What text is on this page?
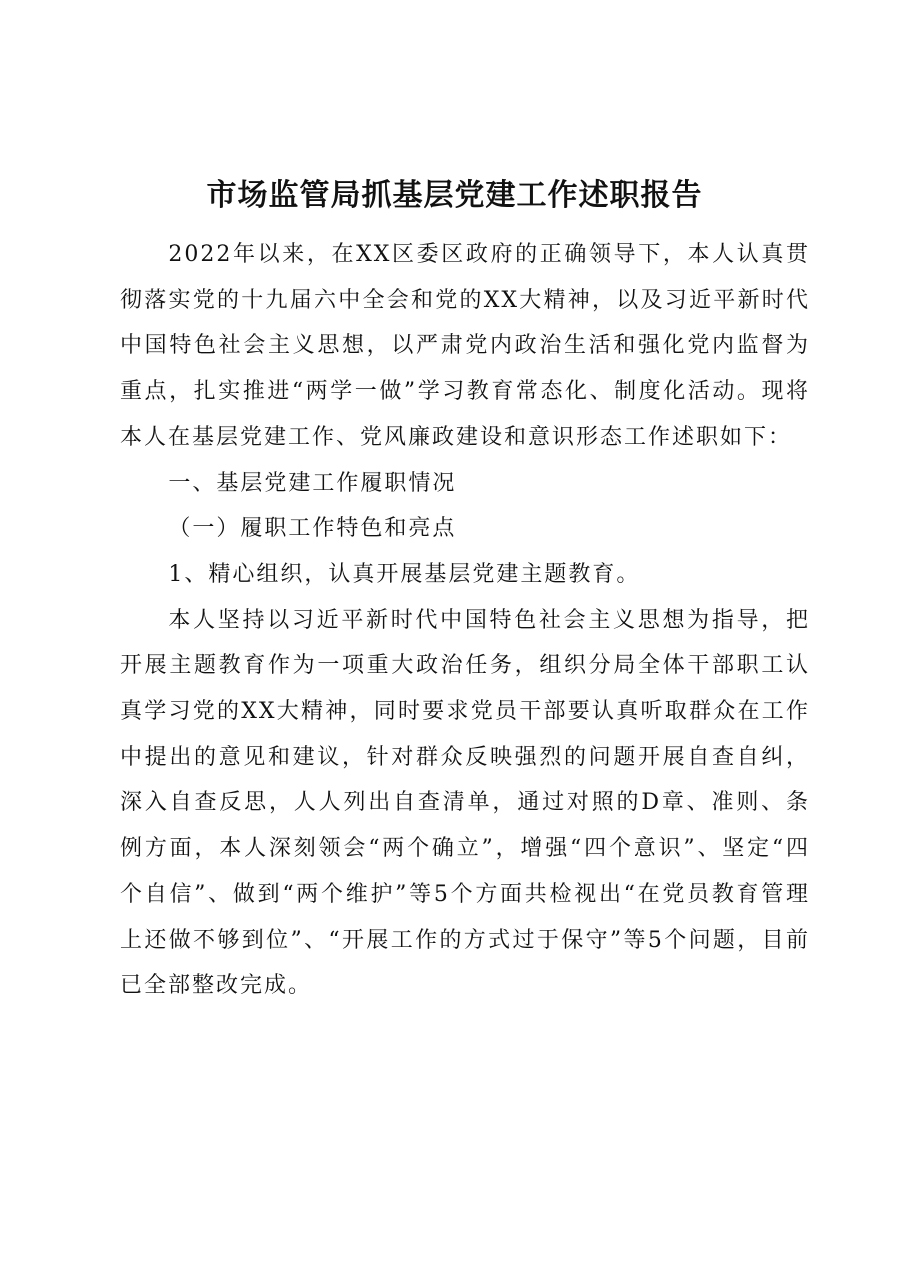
市场监管局抓基层党建工作述职报告

2022年以来，在XX区委区政府的正确领导下，本人认真贯彻落实党的十九届六中全会和党的XX大精神，以及习近平新时代中国特色社会主义思想，以严肃党内政治生活和强化党内监督为重点，扎实推进“两学一做”学习教育常态化、制度化活动。现将本人在基层党建工作、党风廉政建设和意识形态工作述职如下：

一、基层党建工作履职情况

（一）履职工作特色和亮点

1、精心组织，认真开展基层党建主题教育。

本人坚持以习近平新时代中国特色社会主义思想为指导，把开展主题教育作为一项重大政治任务，组织分局全体干部职工认真学习党的XX大精神，同时要求党员干部要认真听取群众在工作中提出的意见和建议，针对群众反映强烈的问题开展自查自纠，深入自查反思，人人列出自查清单，通过对照的D章、准则、条例方面，本人深刻领会“两个确立”，增强“四个意识”、坚定“四个自信”、做到“两个维护”等5个方面共检视出“在党员教育管理上还做不够到位”、“开展工作的方式过于保守”等5个问题，目前已全部整改完成。
